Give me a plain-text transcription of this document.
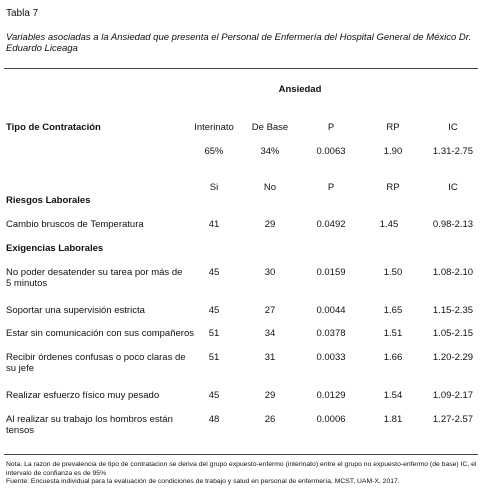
Tabla 7
Variables asociadas a la Ansiedad que presenta el Personal de Enfermería del Hospital General de México Dr. Eduardo Liceaga
Ansiedad
Tipo de Contratación	Interinato De Base	P	RP	IC
65%	34%	0.0063	1.90	1.31-2.75
Si	No	P	RP	IC
Riesgos Laborales
Cambio bruscos de Temperatura	41	29	0.0492	1.45	0.98-2.13
Exigencias Laborales
No poder desatender su tarea por más de 5 minutos
45	30	0.0159	1.50	1.08-2.10
Soportar una supervisión estricta	45	27	0.0044	1.65	1.15-2.35
Estar sin comunicación con sus compañeros 51	34	0.0378	1.51	1.05-2.15
Recibir órdenes confusas o poco claras de su jefe
51	31	0.0033	1.66	1.20-2.29
Realizar esfuerzo físico muy pesado	45	29	0.0129	1.54	1.09-2.17
Al realizar su trabajo los hombros están tensos
48	26	0.0006	1.81	1.27-2.57
Nota. La razon de prevalencia de tipo de contratacion se deriva del grupo expuesto-enfermo (interinato) entre el grupo no expuesto-enfermo (de base) IC, el intervalo de confianza es de 95%
Fuente: Encuesta individual para la evaluación de condiciones de trabajo y salud en personal de enfermería, MCST, UAM-X, 2017.
